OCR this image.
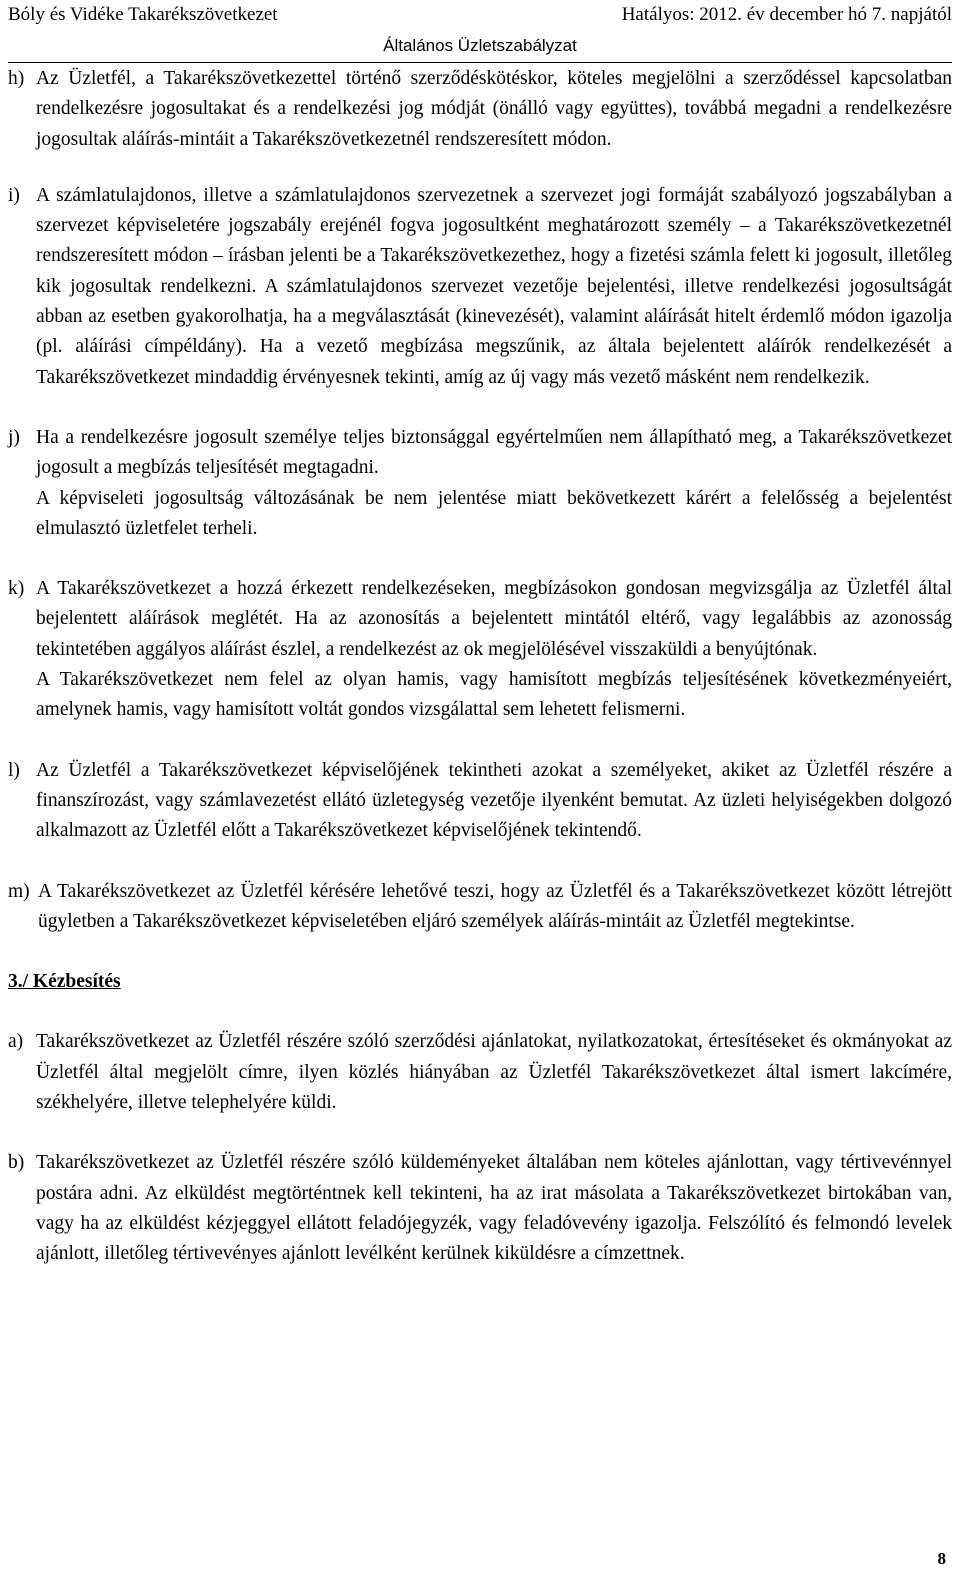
Bóly és Vidéke Takarékszövetkezet	Hatályos: 2012. év december hó 7. napjától
Általános Üzletszabályzat
h) Az Üzletfél, a Takarékszövetkezettel történő szerződéskötéskor, köteles megjelölni a szerződéssel kapcsolatban rendelkezésre jogosultakat és a rendelkezési jog módját (önálló vagy együttes), továbbá megadni a rendelkezésre jogosultak aláírás-mintáit a Takarékszövetkezetnél rendszeresített módon.
i) A számlatulajdonos, illetve a számlatulajdonos szervezetnek a szervezet jogi formáját szabályozó jogszabályban a szervezet képviseletére jogszabály erejénél fogva jogosultként meghatározott személy – a Takarékszövetkezetnél rendszeresített módon – írásban jelenti be a Takarékszövetkezethez, hogy a fizetési számla felett ki jogosult, illetőleg kik jogosultak rendelkezni. A számlatulajdonos szervezet vezetője bejelentési, illetve rendelkezési jogosultságát abban az esetben gyakorolhatja, ha a megválasztását (kinevezését), valamint aláírását hitelt érdemlő módon igazolja (pl. aláírási címpéldány). Ha a vezető megbízása megszűnik, az általa bejelentett aláírók rendelkezését a Takarékszövetkezet mindaddig érvényesnek tekinti, amíg az új vagy más vezető másként nem rendelkezik.
j) Ha a rendelkezésre jogosult személye teljes biztonsággal egyértelműen nem állapítható meg, a Takarékszövetkezet jogosult a megbízás teljesítését megtagadni.
A képviseleti jogosultság változásának be nem jelentése miatt bekövetkezett kárért a felelősség a bejelentést elmulasztó üzletfelet terheli.
k) A Takarékszövetkezet a hozzá érkezett rendelkezéseken, megbízásokon gondosan megvizsgálja az Üzletfél által bejelentett aláírások meglétét. Ha az azonosítás a bejelentett mintától eltérő, vagy legalábbis az azonosság tekintetében aggályos aláírást észlel, a rendelkezést az ok megjelölésével visszaküldi a benyújtónak.
A Takarékszövetkezet nem felel az olyan hamis, vagy hamisított megbízás teljesítésének következményeiért, amelynek hamis, vagy hamisított voltát gondos vizsgálattal sem lehetett felismerni.
l) Az Üzletfél a Takarékszövetkezet képviselőjének tekintheti azokat a személyeket, akiket az Üzletfél részére a finanszírozást, vagy számlavezetést ellátó üzletegység vezetője ilyenként bemutat. Az üzleti helyiségekben dolgozó alkalmazott az Üzletfél előtt a Takarékszövetkezet képviselőjének tekintendő.
m) A Takarékszövetkezet az Üzletfél kérésére lehetővé teszi, hogy az Üzletfél és a Takarékszövetkezet között létrejött ügyletben a Takarékszövetkezet képviseletében eljáró személyek aláírás-mintáit az Üzletfél megtekintse.

3./ Kézbesítés

a) Takarékszövetkezet az Üzletfél részére szóló szerződési ajánlatokat, nyilatkozatokat, értesítéseket és okmányokat az Üzletfél által megjelölt címre, ilyen közlés hiányában az Üzletfél Takarékszövetkezet által ismert lakcímére, székhelyére, illetve telephelyére küldi.
b) Takarékszövetkezet az Üzletfél részére szóló küldeményeket általában nem köteles ajánlottan, vagy tértivevénnyel postára adni. Az elküldést megtörténtnek kell tekinteni, ha az irat másolata a Takarékszövetkezet birtokában van, vagy ha az elküldést kézjeggyel ellátott feladójegyzék, vagy feladóvevény igazolja. Felszólító és felmondó levelek ajánlott, illetőleg tértivevényes ajánlott levélként kerülnek kiküldésre a címzettnek.
8
